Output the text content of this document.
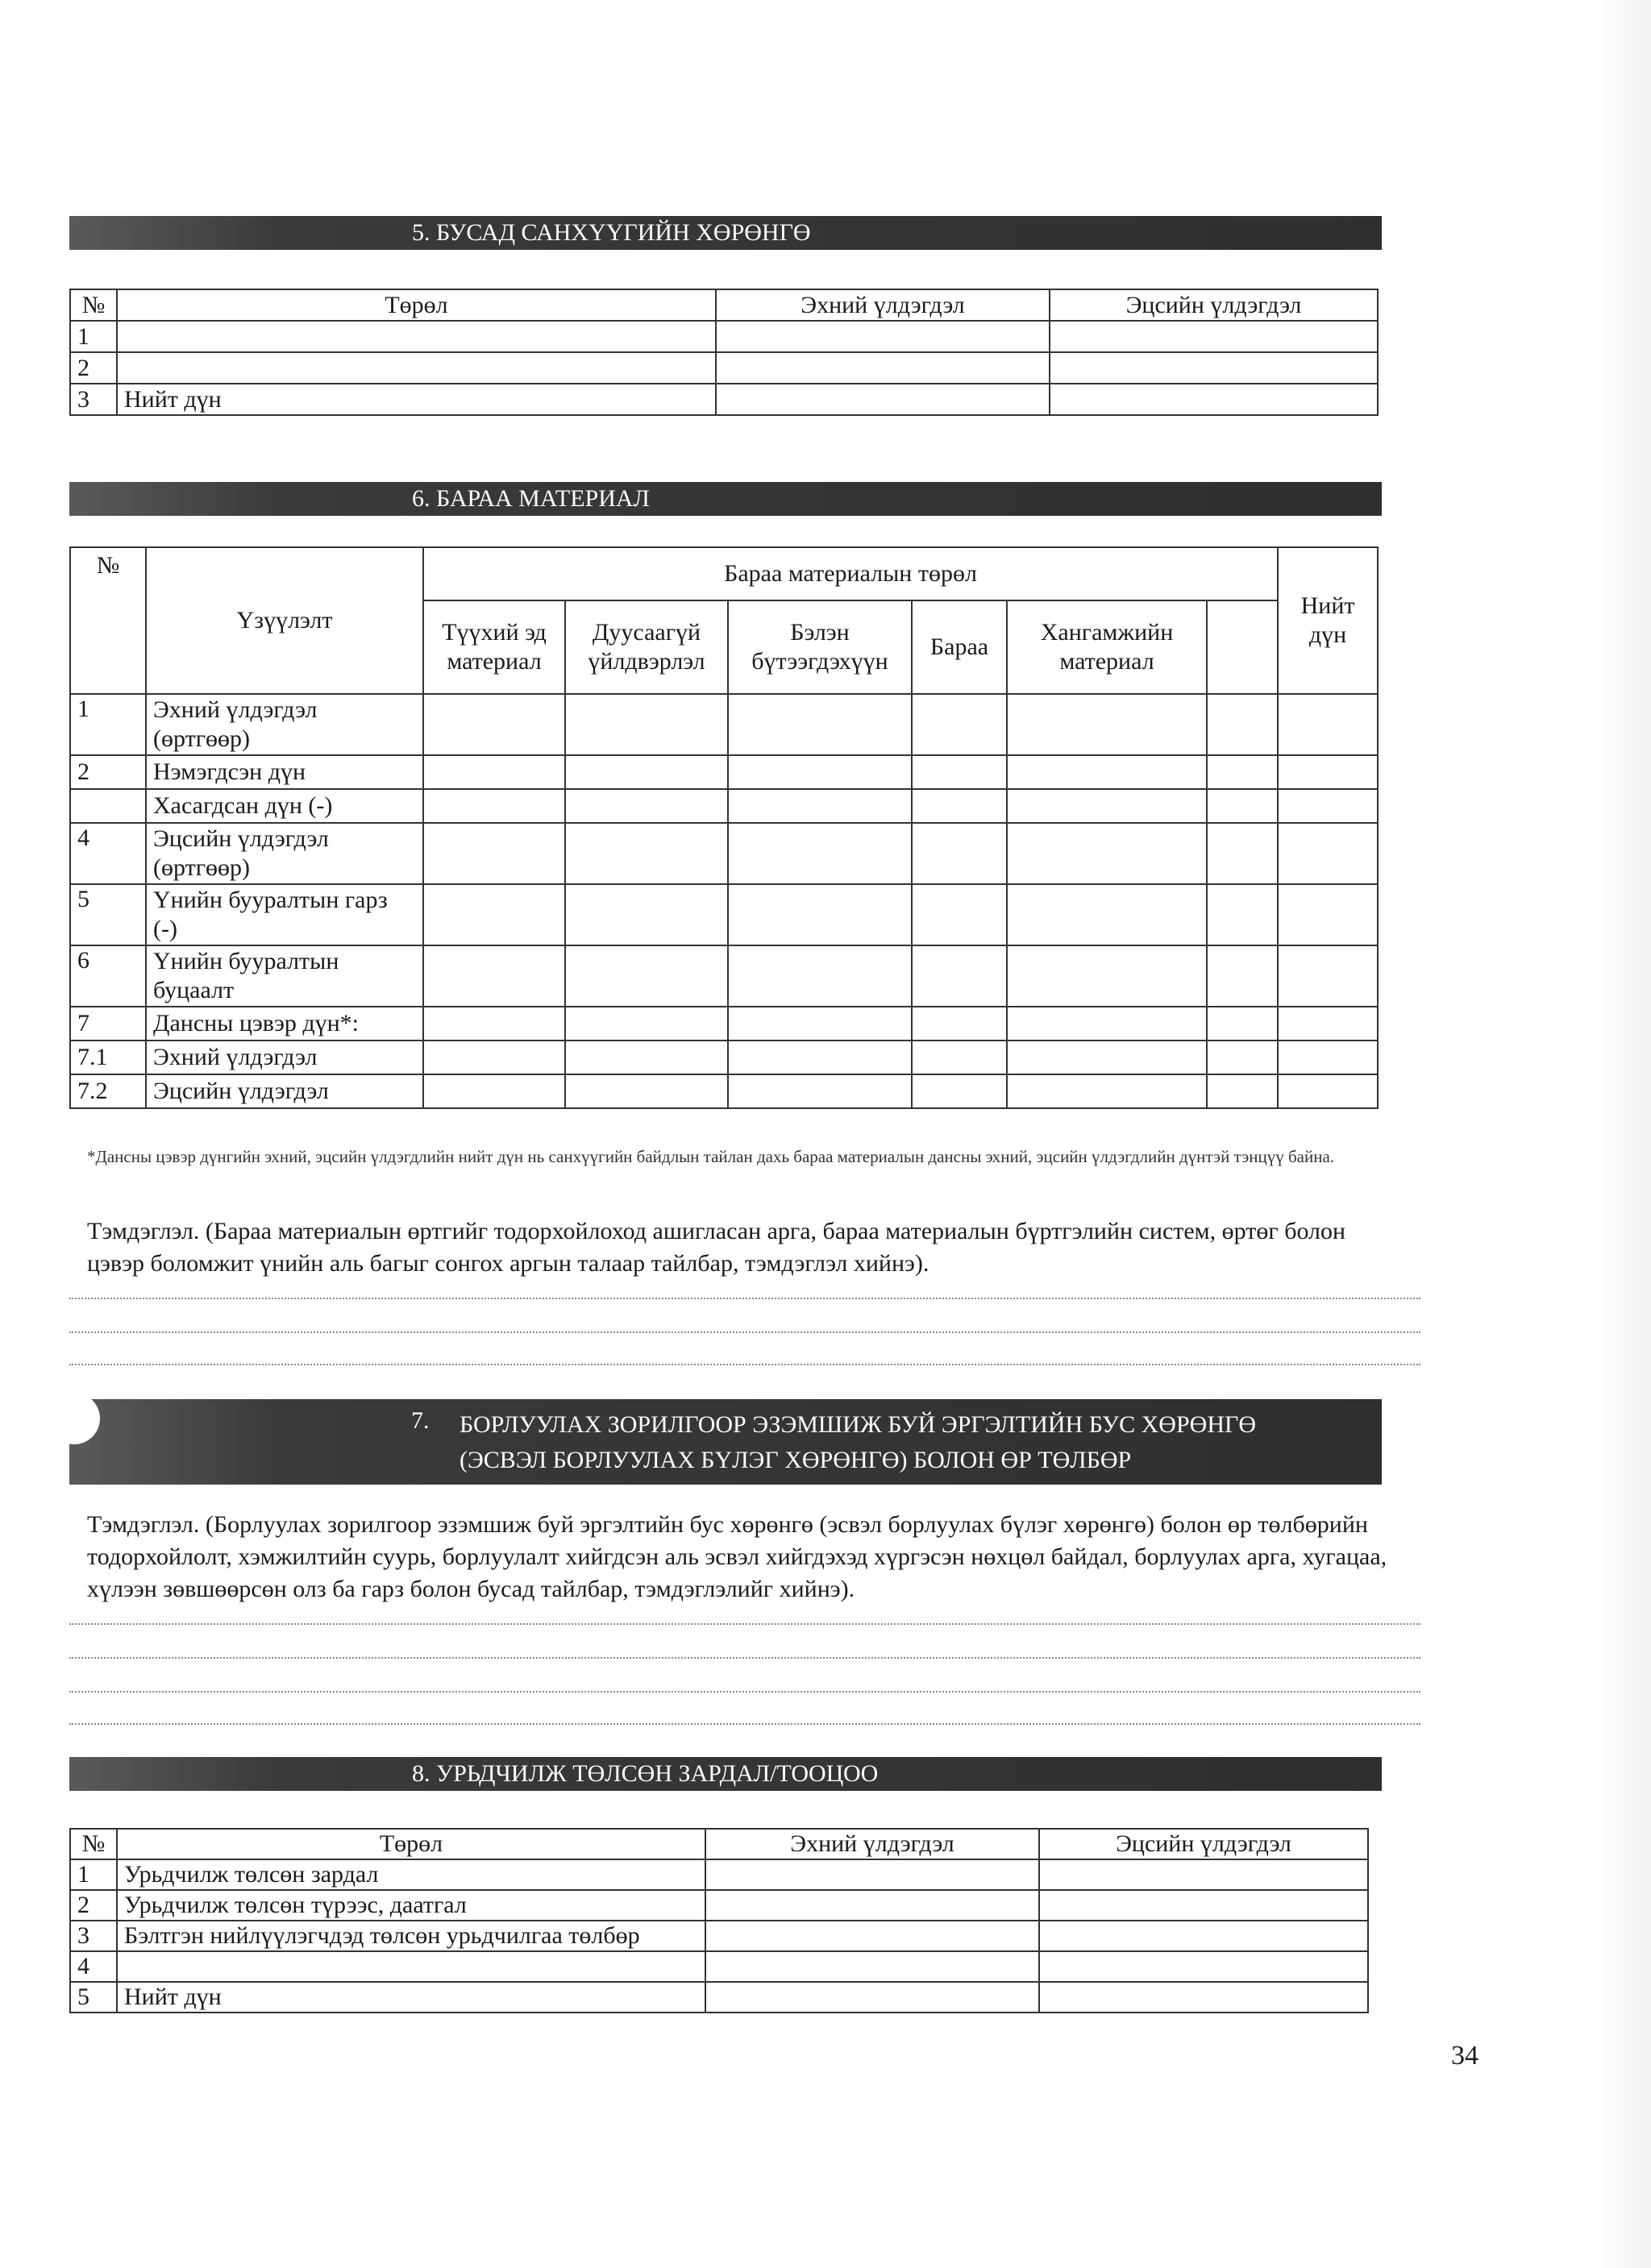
5. БУСАД САНХҮҮГИЙН ХӨРӨНГӨ
№	Төрөл	Эхний үлдэгдэл	Эцсийн үлдэгдэл
1			
2			
3	Нийт дүн		
6. БАРАА МАТЕРИАЛ
№	Үзүүлэлт	Бараа материалын төрөл						Нийт дүн
		Түүхий эд материал	Дуусаагүй үйлдвэрлэл	Бэлэн бүтээгдэхүүн	Бараа	Хангамжийн материал		
1	Эхний үлдэгдэл (өртгөөр)							
2	Нэмэгдсэн дүн							
	Хасагдсан дүн (-)							
4	Эцсийн үлдэгдэл (өртгөөр)							
5	Үнийн бууралтын гарз (-)							
6	Үнийн бууралтын буцаалт							
7	Дансны цэвэр дүн*:							
7.1	Эхний үлдэгдэл							
7.2	Эцсийн үлдэгдэл							
*Дансны цэвэр дүнгийн эхний, эцсийн үлдэгдлийн нийт дүн нь санхүүгийн байдлын тайлан дахь бараа материалын дансны эхний, эцсийн үлдэгдлийн дүнтэй тэнцүү байна.
Тэмдэглэл. (Бараа материалын өртгийг тодорхойлоход ашигласан арга, бараа материалын бүртгэлийн систем, өртөг болон цэвэр боломжит үнийн аль багыг сонгох аргын талаар тайлбар, тэмдэглэл хийнэ).
7. БОРЛУУЛАХ ЗОРИЛГООР ЭЗЭМШИЖ БУЙ ЭРГЭЛТИЙН БУС ХӨРӨНГӨ
(ЭСВЭЛ БОРЛУУЛАХ БҮЛЭГ ХӨРӨНГӨ) БОЛОН ӨР ТӨЛБӨР
Тэмдэглэл. (Борлуулах зорилгоор эзэмшиж буй эргэлтийн бус хөрөнгө (эсвэл борлуулах бүлэг хөрөнгө) болон өр төлбөрийн тодорхойлолт, хэмжилтийн суурь, борлуулалт хийгдсэн аль эсвэл хийгдэхэд хүргэсэн нөхцөл байдал, борлуулах арга, хугацаа, хүлээн зөвшөөрсөн олз ба гарз болон бусад тайлбар, тэмдэглэлийг хийнэ).
8. УРЬДЧИЛЖ ТӨЛСӨН ЗАРДАЛ/ТООЦОО
№	Төрөл	Эхний үлдэгдэл	Эцсийн үлдэгдэл
1	Урьдчилж төлсөн зардал		
2	Урьдчилж төлсөн түрээс, даатгал		
3	Бэлтгэн нийлүүлэгчдэд төлсөн урьдчилгаа төлбөр		
4			
5	Нийт дүн		
34
